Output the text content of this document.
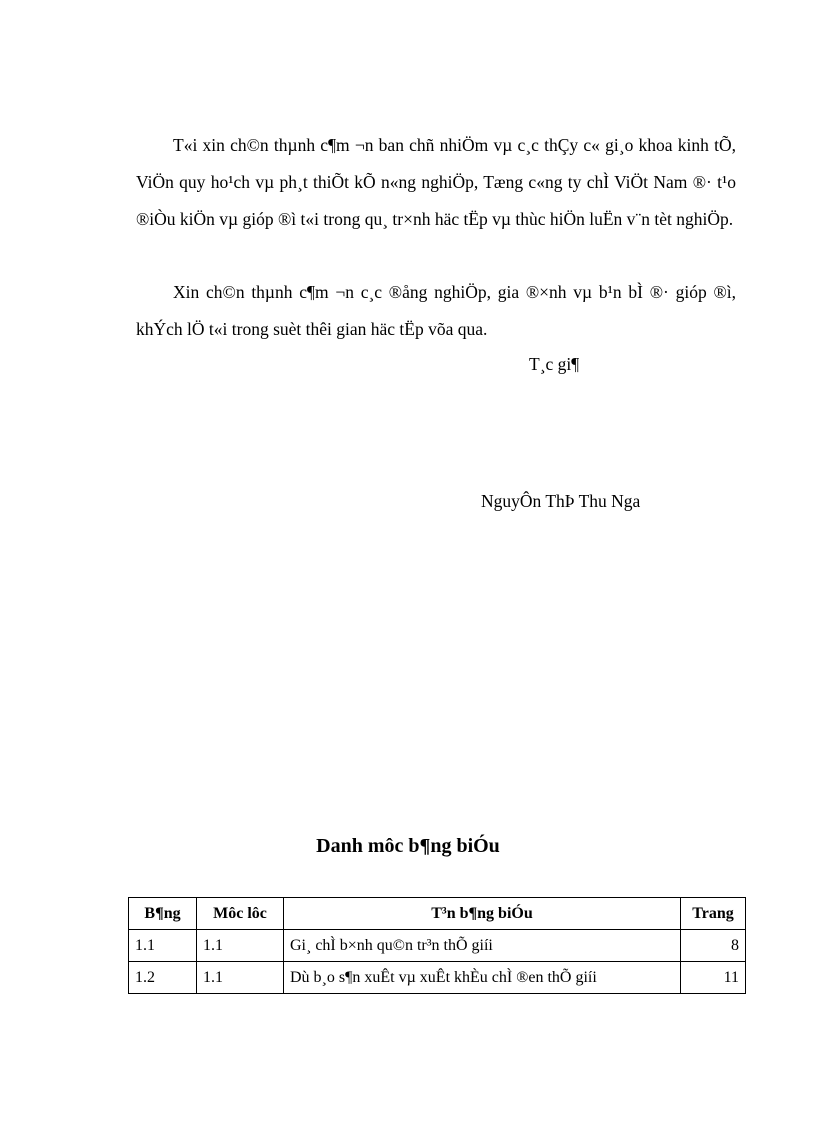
T«i xin ch©n thµnh c¶m ¬n ban chñ nhiÖm vµ c¸c thÇy c« gi¸o khoa kinh tÕ, ViÖn quy ho¹ch vµ ph¸t thiÕt kÕ n«ng nghiÖp, Tæng c«ng ty chÌ ViÖt Nam ®· t¹o ®iÒu kiÖn vµ gióp ®ì t«i trong qu¸ tr×nh häc tËp vµ thùc hiÖn luËn v¨n tèt nghiÖp.

Xin ch©n thµnh c¶m ¬n c¸c ®ång nghiÖp, gia ®×nh vµ b¹n bÌ ®· gióp ®ì, khÝch lÖ t«i trong suèt thêi gian häc tËp võa qua.

T¸c gi¶
NguyÔn ThÞ Thu Nga
Danh môc b¶ng biÓu
B¶ng	Môc lôc	T³n b¶ng biÓu	Trang
1.1	1.1	Gi¸ chÌ b×nh qu©n tr³n thÕ giíi	8
1.2	1.1	Dù b¸o s¶n xuÊt vµ xuÊt khÈu chÌ ®en thÕ giíi	11
